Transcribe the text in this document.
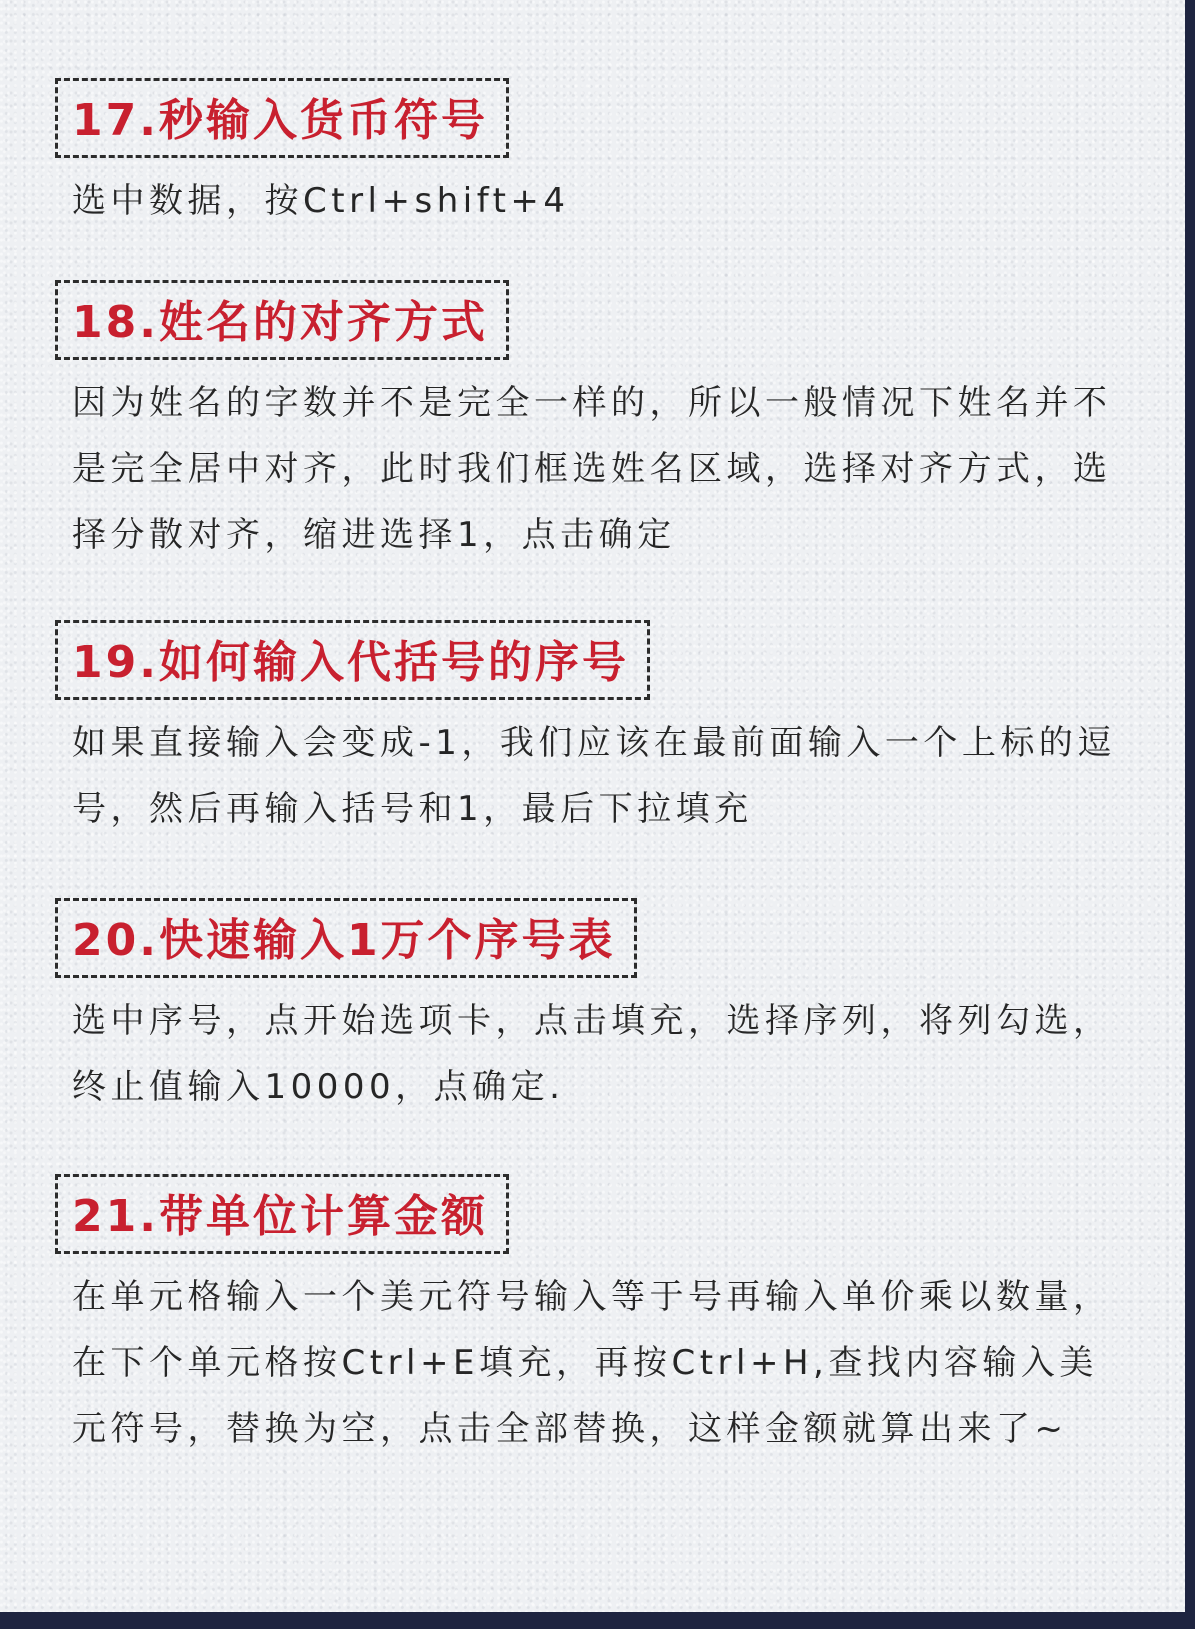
17.秒输入货币符号
选中数据，按Ctrl+shift+4
18.姓名的对齐方式
因为姓名的字数并不是完全一样的，所以一般情况下姓名并不是完全居中对齐，此时我们框选姓名区域，选择对齐方式，选择分散对齐，缩进选择1，点击确定
19.如何输入代括号的序号
如果直接输入会变成-1，我们应该在最前面输入一个上标的逗号，然后再输入括号和1，最后下拉填充
20.快速输入1万个序号表
选中序号，点开始选项卡，点击填充，选择序列，将列勾选，终止值输入10000，点确定.
21.带单位计算金额
在单元格输入一个美元符号输入等于号再输入单价乘以数量，在下个单元格按Ctrl+E填充，再按Ctrl+H,查找内容输入美元符号，替换为空，点击全部替换，这样金额就算出来了~
